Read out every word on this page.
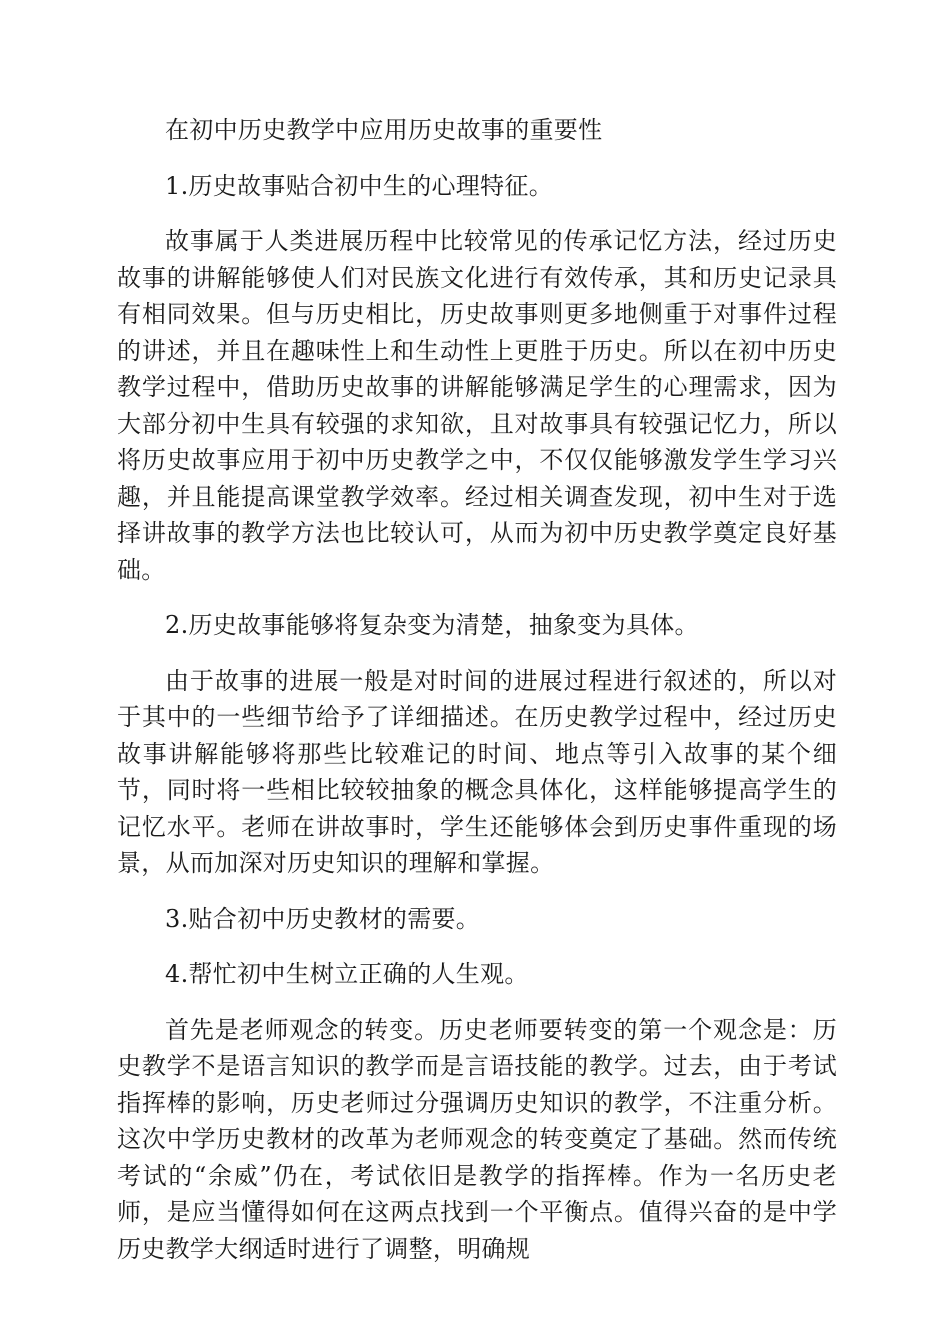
在初中历史教学中应用历史故事的重要性

1.历史故事贴合初中生的心理特征。

故事属于人类进展历程中比较常见的传承记忆方法，经过历史故事的讲解能够使人们对民族文化进行有效传承，其和历史记录具有相同效果。但与历史相比，历史故事则更多地侧重于对事件过程的讲述，并且在趣味性上和生动性上更胜于历史。所以在初中历史教学过程中，借助历史故事的讲解能够满足学生的心理需求，因为大部分初中生具有较强的求知欲，且对故事具有较强记忆力，所以将历史故事应用于初中历史教学之中，不仅仅能够激发学生学习兴趣，并且能提高课堂教学效率。经过相关调查发现，初中生对于选择讲故事的教学方法也比较认可，从而为初中历史教学奠定良好基础。

2.历史故事能够将复杂变为清楚，抽象变为具体。

由于故事的进展一般是对时间的进展过程进行叙述的，所以对于其中的一些细节给予了详细描述。在历史教学过程中，经过历史故事讲解能够将那些比较难记的时间、地点等引入故事的某个细节，同时将一些相比较较抽象的概念具体化，这样能够提高学生的记忆水平。老师在讲故事时，学生还能够体会到历史事件重现的场景，从而加深对历史知识的理解和掌握。

3.贴合初中历史教材的需要。

4.帮忙初中生树立正确的人生观。

首先是老师观念的转变。历史老师要转变的第一个观念是：历史教学不是语言知识的教学而是言语技能的教学。过去，由于考试指挥棒的影响，历史老师过分强调历史知识的教学，不注重分析。这次中学历史教材的改革为老师观念的转变奠定了基础。然而传统考试的“余威”仍在，考试依旧是教学的指挥棒。作为一名历史老师，是应当懂得如何在这两点找到一个平衡点。值得兴奋的是中学历史教学大纲适时进行了调整，明确规
